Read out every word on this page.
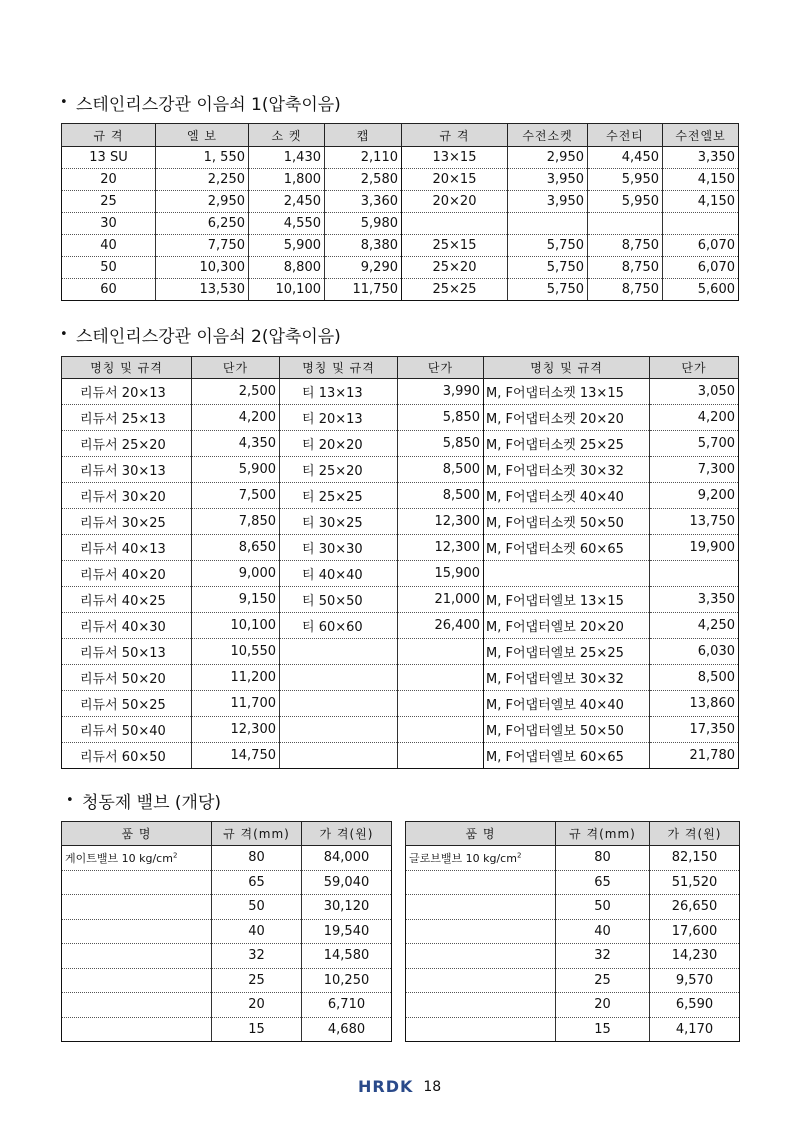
• 스테인리스강관 이음쇠 1(압축이음)
규 격	엘 보	소 켓	캡	규 격	수전소켓	수전티	수전엘보
13 SU	1, 550	1,430	2,110	13×15	2,950	4,450	3,350
20	2,250	1,800	2,580	20×15	3,950	5,950	4,150
25	2,950	2,450	3,360	20×20	3,950	5,950	4,150
30	6,250	4,550	5,980				
40	7,750	5,900	8,380	25×15	5,750	8,750	6,070
50	10,300	8,800	9,290	25×20	5,750	8,750	6,070
60	13,530	10,100	11,750	25×25	5,750	8,750	5,600
• 스테인리스강관 이음쇠 2(압축이음)
명칭 및 규격	단가	명칭 및 규격	단가	명칭 및 규격	단가
리듀서 20×13	2,500	티 13×13	3,990	M, F어댑터소켓 13×15	3,050
리듀서 25×13	4,200	티 20×13	5,850	M, F어댑터소켓 20×20	4,200
리듀서 25×20	4,350	티 20×20	5,850	M, F어댑터소켓 25×25	5,700
리듀서 30×13	5,900	티 25×20	8,500	M, F어댑터소켓 30×32	7,300
리듀서 30×20	7,500	티 25×25	8,500	M, F어댑터소켓 40×40	9,200
리듀서 30×25	7,850	티 30×25	12,300	M, F어댑터소켓 50×50	13,750
리듀서 40×13	8,650	티 30×30	12,300	M, F어댑터소켓 60×65	19,900
리듀서 40×20	9,000	티 40×40	15,900		
리듀서 40×25	9,150	티 50×50	21,000	M, F어댑터엘보 13×15	3,350
리듀서 40×30	10,100	티 60×60	26,400	M, F어댑터엘보 20×20	4,250
리듀서 50×13	10,550			M, F어댑터엘보 25×25	6,030
리듀서 50×20	11,200			M, F어댑터엘보 30×32	8,500
리듀서 50×25	11,700			M, F어댑터엘보 40×40	13,860
리듀서 50×40	12,300			M, F어댑터엘보 50×50	17,350
리듀서 60×50	14,750			M, F어댑터엘보 60×65	21,780
• 청동제 밸브 (개당)
품 명	규 격(mm)	가 격(원)
게이트밸브 10 $kg/cm^2$	80	84,000
	65	59,040
	50	30,120
	40	19,540
	32	14,580
	25	10,250
	20	6,710
	15	4,680
품 명	규 격(mm)	가 격(원)
글로브밸브 10 $kg/cm^2$	80	82,150
	65	51,520
	50	26,650
	40	17,600
	32	14,230
	25	9,570
	20	6,590
	15	4,170
HRDK 18
